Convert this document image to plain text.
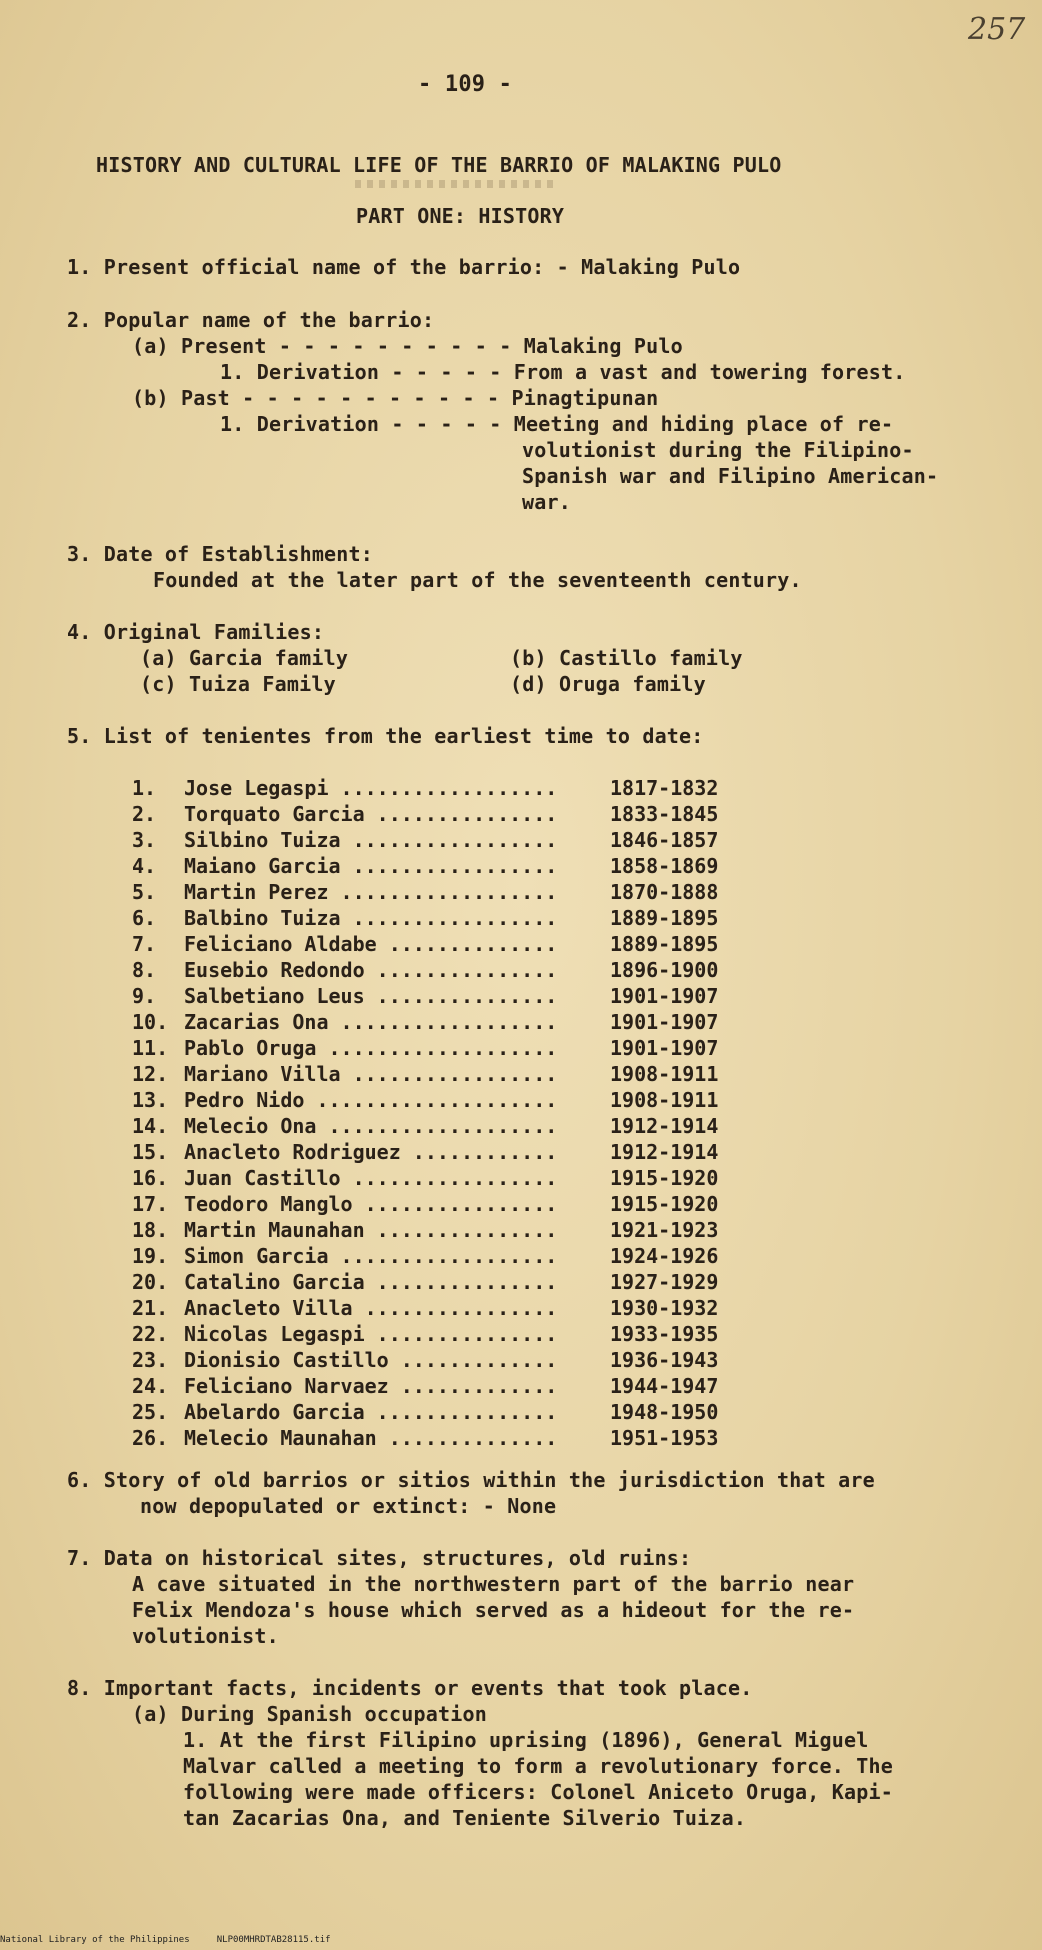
257
- 109 -
HISTORY AND CULTURAL LIFE OF THE BARRIO OF MALAKING PULO
PART ONE: HISTORY
1. Present official name of the barrio: - Malaking Pulo
2. Popular name of the barrio:
(a) Present - - - - - - - - - - Malaking Pulo
1. Derivation - - - - - From a vast and towering forest.
(b) Past - - - - - - - - - - - Pinagtipunan
1. Derivation - - - - - Meeting and hiding place of re-
volutionist during the Filipino-
Spanish war and Filipino American-
war.
3. Date of Establishment:
Founded at the later part of the seventeenth century.
4. Original Families:
(a) Garcia family	(b) Castillo family
(c) Tuiza Family	(d) Oruga family
5. List of tenientes from the earliest time to date:
1.	Jose Legaspi ..................	1817-1832
2.	Torquato Garcia ...............	1833-1845
3.	Silbino Tuiza .................	1846-1857
4.	Maiano Garcia .................	1858-1869
5.	Martin Perez ..................	1870-1888
6.	Balbino Tuiza .................	1889-1895
7.	Feliciano Aldabe ..............	1889-1895
8.	Eusebio Redondo ...............	1896-1900
9.	Salbetiano Leus ...............	1901-1907
10. Zacarias Ona ..................	1901-1907
11. Pablo Oruga ...................	1901-1907
12. Mariano Villa .................	1908-1911
13. Pedro Nido ....................	1908-1911
14. Melecio Ona ...................	1912-1914
15. Anacleto Rodriguez ............	1912-1914
16. Juan Castillo .................	1915-1920
17. Teodoro Manglo ................	1915-1920
18. Martin Maunahan ...............	1921-1923
19. Simon Garcia ..................	1924-1926
20. Catalino Garcia ...............	1927-1929
21. Anacleto Villa ................	1930-1932
22. Nicolas Legaspi ...............	1933-1935
23. Dionisio Castillo .............	1936-1943
24. Feliciano Narvaez .............	1944-1947
25. Abelardo Garcia ...............	1948-1950
26. Melecio Maunahan ..............	1951-1953
6. Story of old barrios or sitios within the jurisdiction that are
now depopulated or extinct: - None
7. Data on historical sites, structures, old ruins:
A cave situated in the northwestern part of the barrio near
Felix Mendoza's house which served as a hideout for the re-
volutionist.
8. Important facts, incidents or events that took place.
(a) During Spanish occupation
1. At the first Filipino uprising (1896), General Miguel
Malvar called a meeting to form a revolutionary force. The
following were made officers: Colonel Aniceto Oruga, Kapi-
tan Zacarias Ona, and Teniente Silverio Tuiza.
National Library of the Philippines     NLP00MHRDTAB28115.tif
